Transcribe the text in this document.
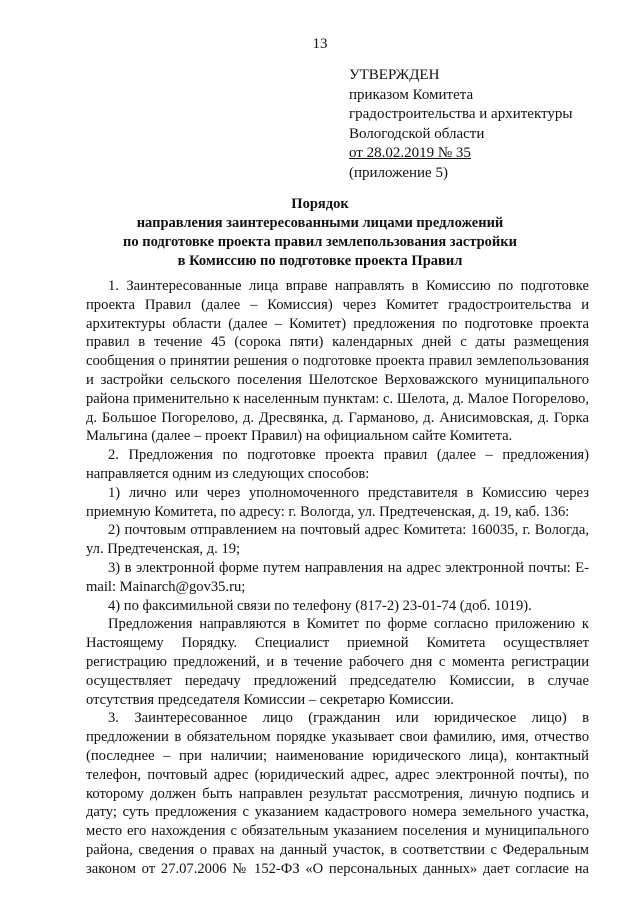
13
УТВЕРЖДЕН
приказом Комитета
градостроительства и архитектуры
Вологодской области
от 28.02.2019 № 35
(приложение 5)
Порядок
направления заинтересованными лицами предложений
по подготовке проекта правил землепользования застройки
в Комиссию по подготовке проекта Правил

1. Заинтересованные лица вправе направлять в Комиссию по подготовке проекта Правил (далее – Комиссия) через Комитет градостроительства и архитектуры области (далее – Комитет) предложения по подготовке проекта правил в течение 45 (сорока пяти) календарных дней с даты размещения сообщения о принятии решения о подготовке проекта правил землепользования и застройки сельского поселения Шелотское Верховажского муниципального района применительно к населенным пунктам: с. Шелота, д. Малое Погорелово, д. Большое Погорелово, д. Дресвянка, д. Гарманово, д. Анисимовская, д. Горка Мальгина (далее – проект Правил) на официальном сайте Комитета.

2. Предложения по подготовке проекта правил (далее – предложения) направляется одним из следующих способов:

1) лично или через уполномоченного представителя в Комиссию через приемную Комитета, по адресу: г. Вологда, ул. Предтеченская, д. 19, каб. 136:

2) почтовым отправлением на почтовый адрес Комитета: 160035, г. Вологда, ул. Предтеченская, д. 19;

3) в электронной форме путем направления на адрес электронной почты: E-mail: Mainarch@gov35.ru;

4) по факсимильной связи по телефону (817-2) 23-01-74 (доб. 1019).

Предложения направляются в Комитет по форме согласно приложению к Настоящему Порядку. Специалист приемной Комитета осуществляет регистрацию предложений, и в течение рабочего дня с момента регистрации осуществляет передачу предложений председателю Комиссии, в случае отсутствия председателя Комиссии – секретарю Комиссии.

3. Заинтересованное лицо (гражданин или юридическое лицо) в предложении в обязательном порядке указывает свои фамилию, имя, отчество (последнее – при наличии; наименование юридического лица), контактный телефон, почтовый адрес (юридический адрес, адрес электронной почты), по которому должен быть направлен результат рассмотрения, личную подпись и дату; суть предложения с указанием кадастрового номера земельного участка, место его нахождения с обязательным указанием поселения и муниципального района, сведения о правах на данный участок, в соответствии с Федеральным законом от 27.07.2006 № 152-ФЗ «О персональных данных» дает согласие на
